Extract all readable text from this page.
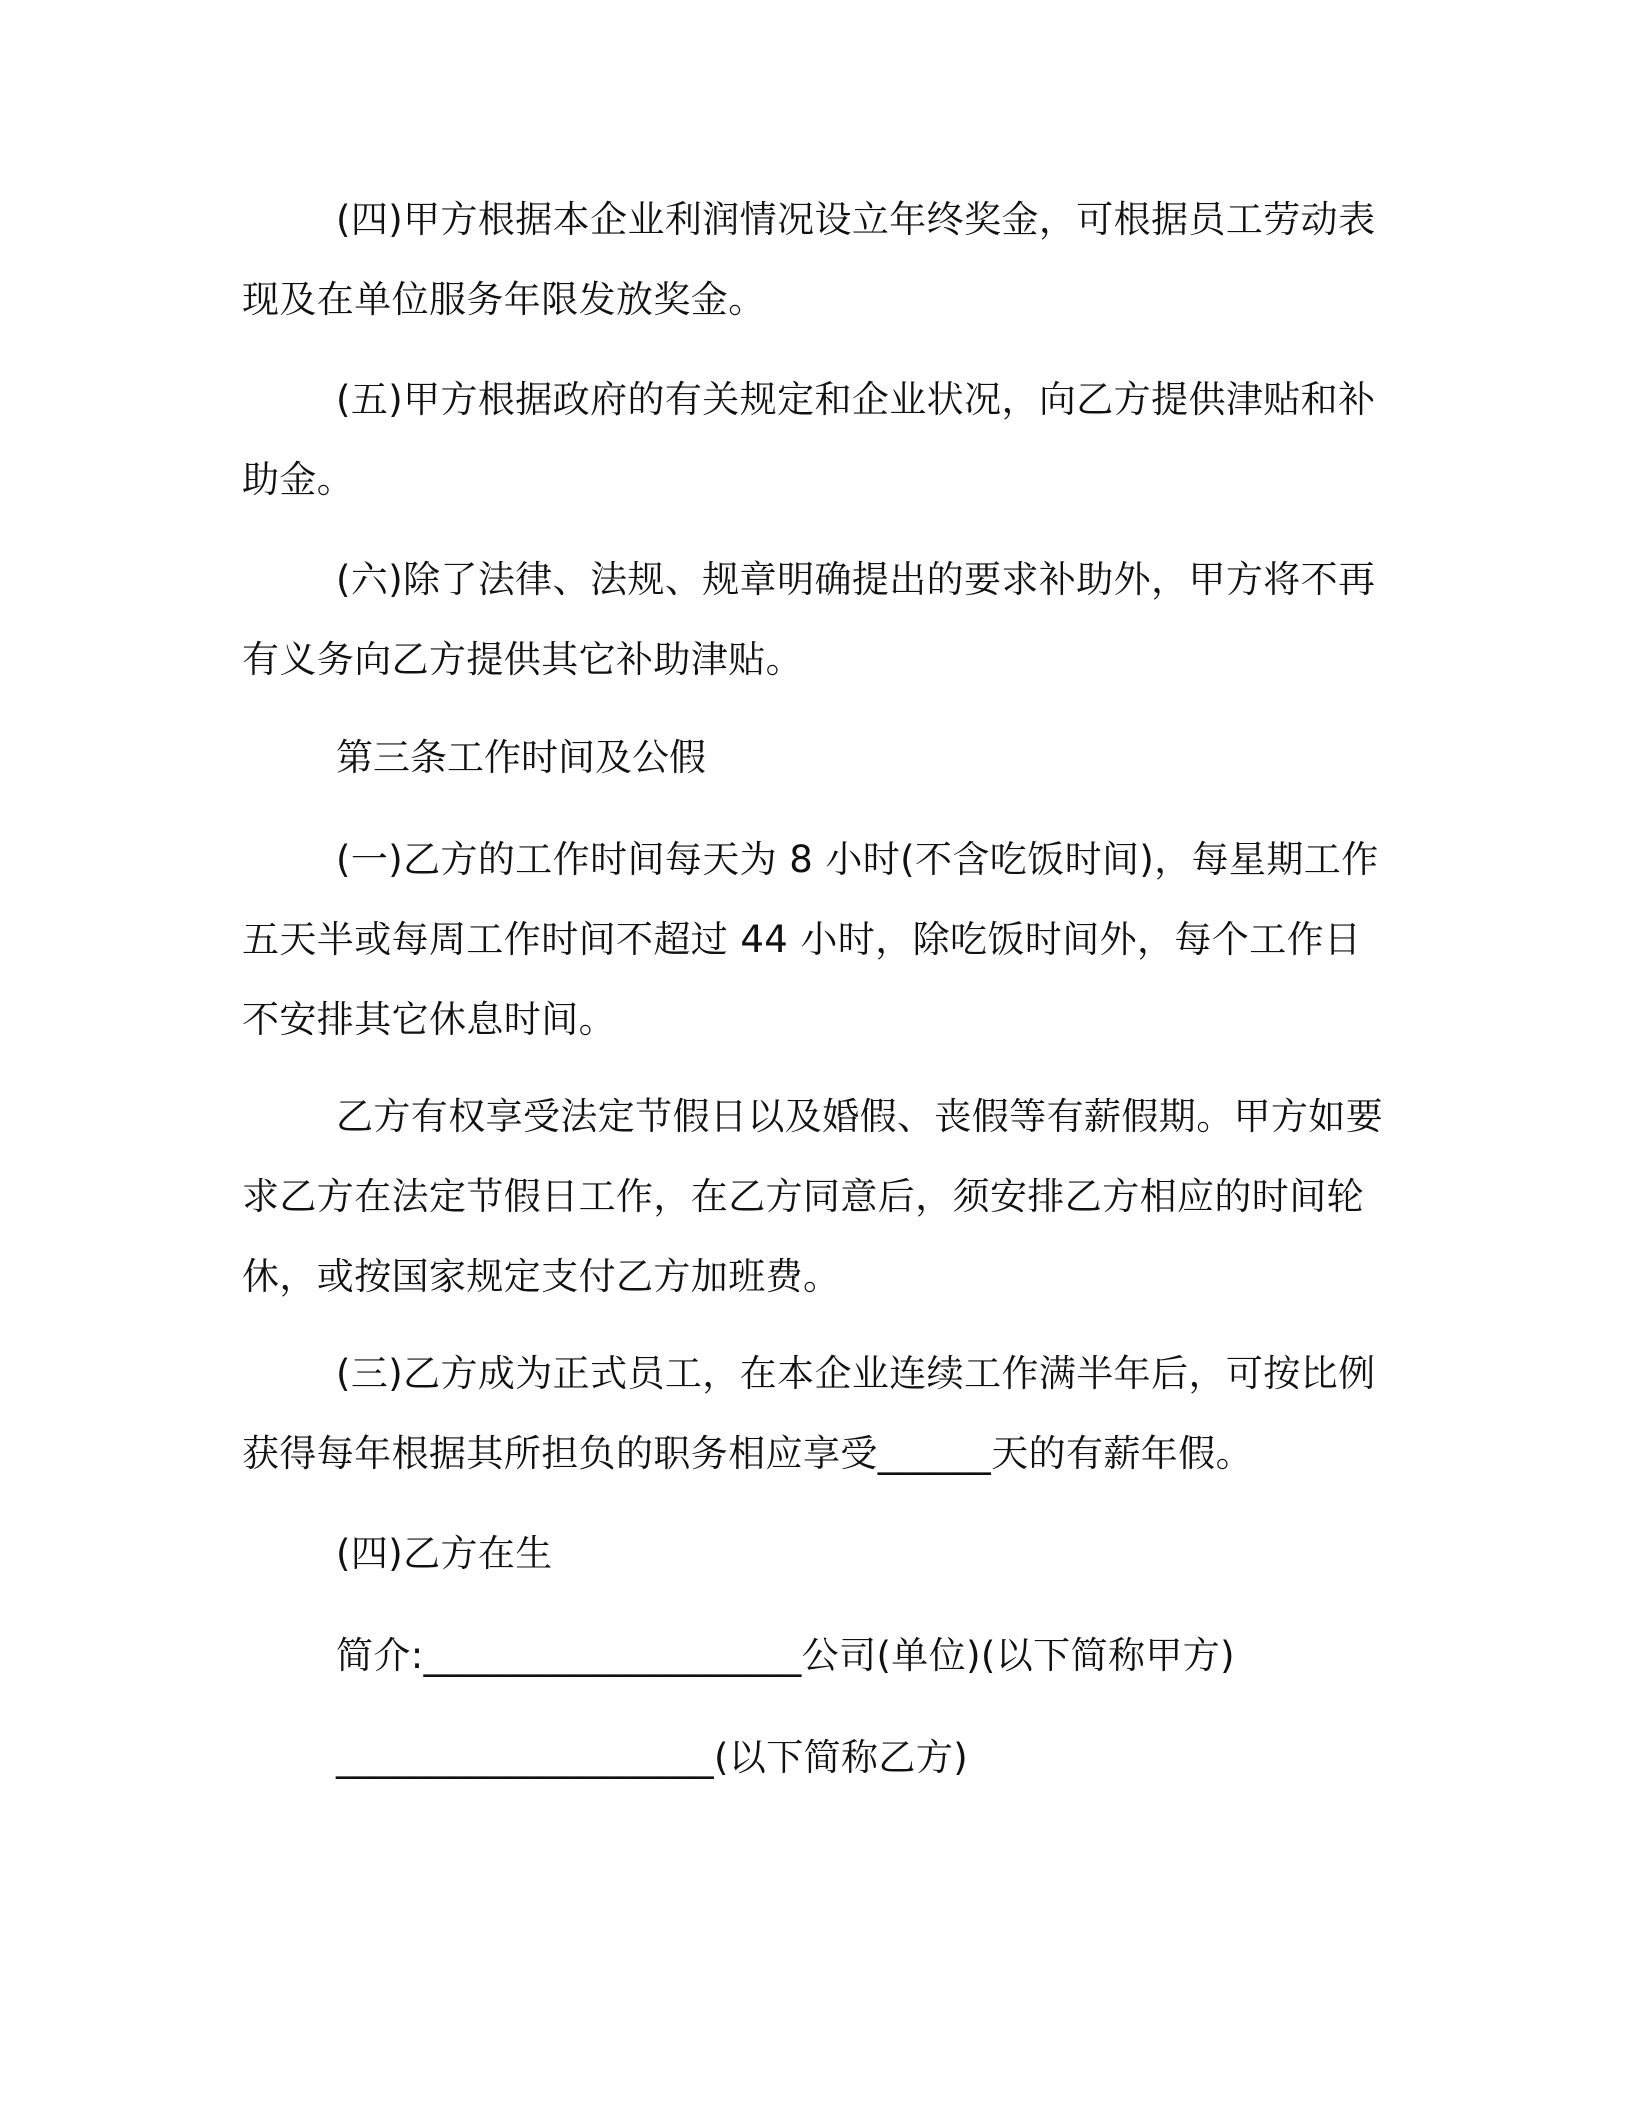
(四)甲方根据本企业利润情况设立年终奖金，可根据员工劳动表现及在单位服务年限发放奖金。

(五)甲方根据政府的有关规定和企业状况，向乙方提供津贴和补助金。

(六)除了法律、法规、规章明确提出的要求补助外，甲方将不再有义务向乙方提供其它补助津贴。

第三条工作时间及公假

(一)乙方的工作时间每天为 8 小时(不含吃饭时间)，每星期工作五天半或每周工作时间不超过 44 小时，除吃饭时间外，每个工作日不安排其它休息时间。

乙方有权享受法定节假日以及婚假、丧假等有薪假期。甲方如要求乙方在法定节假日工作，在乙方同意后，须安排乙方相应的时间轮休，或按国家规定支付乙方加班费。

(三)乙方成为正式员工，在本企业连续工作满半年后，可按比例获得每年根据其所担负的职务相应享受______天的有薪年假。

(四)乙方在生

简介:____________________公司(单位)(以下简称甲方)

____________________(以下简称乙方)
